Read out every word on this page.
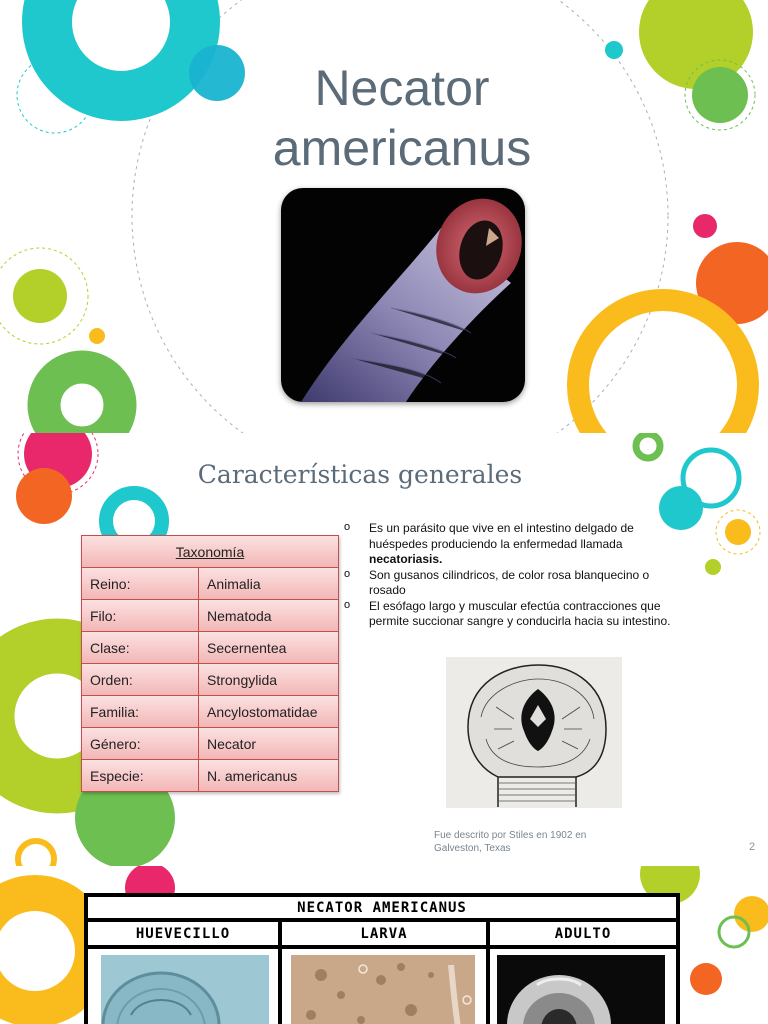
Necator
americanus
Características generales
Taxonomía	
Reino:	Animalia
Filo:	Nematoda
Clase:	Secernentea
Orden:	Strongylida
Familia:	Ancylostomatidae
Género:	Necator
Especie:	N. americanus
o Es un parásito que vive en el intestino delgado de huéspedes produciendo la enfermedad llamada necatoriasis.
o Son gusanos cilindricos, de color rosa blanquecino o rosado
o El esófago largo y muscular efectúa contracciones que permite succionar sangre y conducirla hacia su intestino.
Fue descrito por Stiles en 1902 en Galveston, Texas	2
NECATOR AMERICANUS
HUEVECILLO	LARVA	ADULTO
